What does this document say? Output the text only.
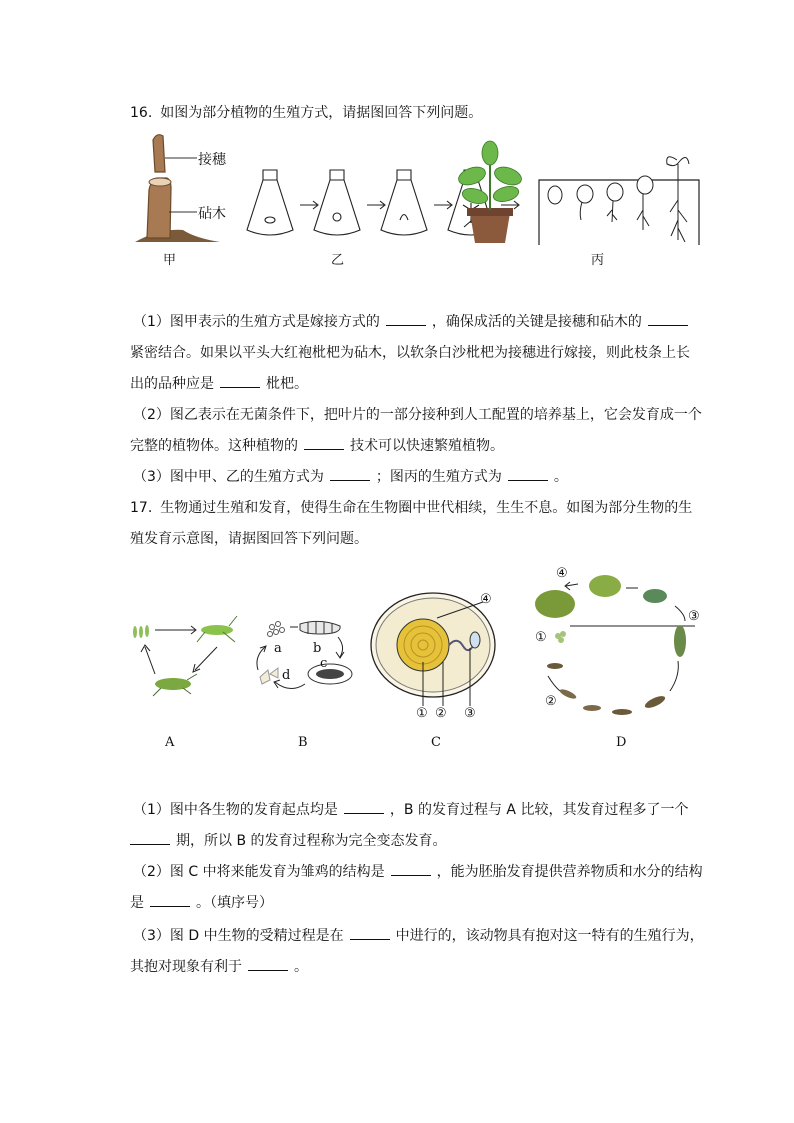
16. 如图为部分植物的生殖方式，请据图回答下列问题。
接穗
砧木
甲	乙	丙
（1）图甲表示的生殖方式是嫁接方式的	，确保成活的关键是接穗和砧木的
紧密结合。如果以平头大红袍枇杷为砧木，以软条白沙枇杷为接穗进行嫁接，则此枝条上长
出的品种应是	枇杷。
（2）图乙表示在无菌条件下，把叶片的一部分接种到人工配置的培养基上，它会发育成一个
完整的植物体。这种植物的	技术可以快速繁殖植物。
（3）图中甲、乙的生殖方式为	；图丙的生殖方式为	。
17. 生物通过生殖和发育，使得生命在生物圈中世代相续，生生不息。如图为部分生物的生
殖发育示意图，请据图回答下列问题。
A
a b
c
d
B
④
① ② ③
C
④
③
①
②
D
（1）图中各生物的发育起点均是	，B 的发育过程与 A 比较，其发育过程多了一个
期，所以 B 的发育过程称为完全变态发育。
（2）图 C 中将来能发育为雏鸡的结构是	，能为胚胎发育提供营养物质和水分的结构
是	。（填序号）
（3）图 D 中生物的受精过程是在	中进行的，该动物具有抱对这一特有的生殖行为，
其抱对现象有利于	。
